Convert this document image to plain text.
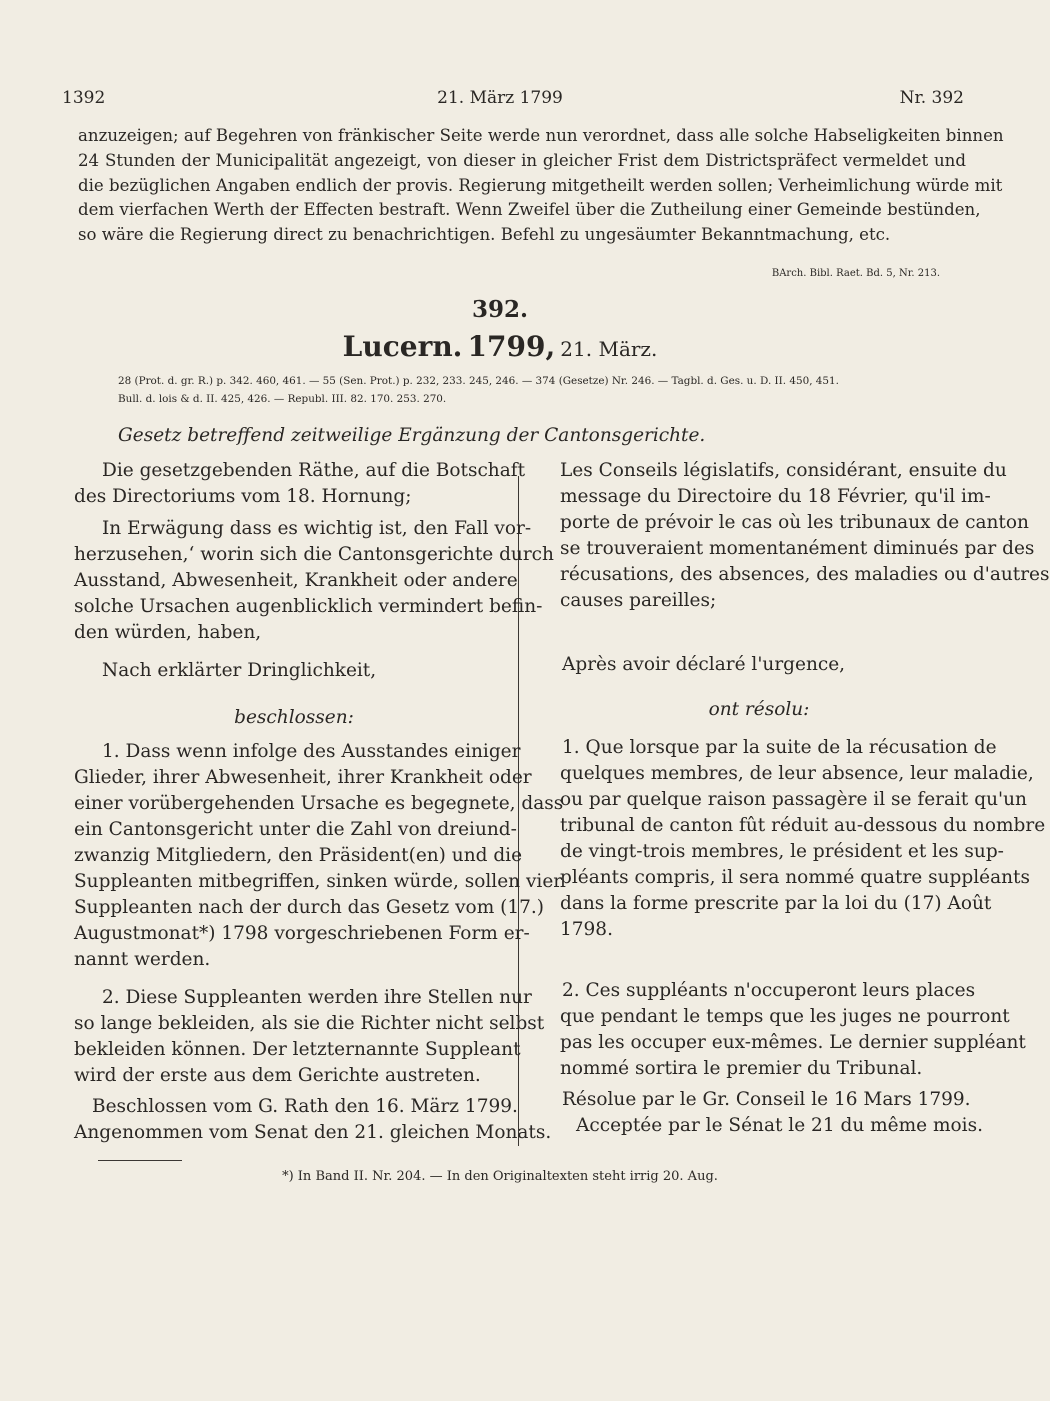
1392	21. März 1799	Nr. 392
anzuzeigen; auf Begehren von fränkischer Seite werde nun verordnet, dass alle solche Habseligkeiten binnen
24 Stunden der Municipalität angezeigt, von dieser in gleicher Frist dem Districtspräfect vermeldet und
die bezüglichen Angaben endlich der provis. Regierung mitgetheilt werden sollen; Verheimlichung würde mit
dem vierfachen Werth der Effecten bestraft. Wenn Zweifel über die Zutheilung einer Gemeinde bestünden,
so wäre die Regierung direct zu benachrichtigen. Befehl zu ungesäumter Bekanntmachung, etc.
BArch. Bibl. Raet. Bd. 5, Nr. 213.
392.
Lucern. 1799, 21. März.
28 (Prot. d. gr. R.) p. 342. 460, 461. — 55 (Sen. Prot.) p. 232, 233. 245, 246. — 374 (Gesetze) Nr. 246. — Tagbl. d. Ges. u. D. II. 450, 451.
Bull. d. lois & d. II. 425, 426. — Republ. III. 82. 170. 253. 270.
Gesetz betreffend zeitweilige Ergänzung der Cantonsgerichte.
Die gesetzgebenden Räthe, auf die Botschaft
des Directoriums vom 18. Hornung;
In Erwägung dass es wichtig ist, den Fall vor-
herzusehen,ʻ worin sich die Cantonsgerichte durch
Ausstand, Abwesenheit, Krankheit oder andere
solche Ursachen augenblicklich vermindert befin-
den würden, haben,
Nach erklärter Dringlichkeit,
beschlossen:
1. Dass wenn infolge des Ausstandes einiger
Glieder, ihrer Abwesenheit, ihrer Krankheit oder
einer vorübergehenden Ursache es begegnete, dass
ein Cantonsgericht unter die Zahl von dreiund-
zwanzig Mitgliedern, den Präsident(en) und die
Suppleanten mitbegriffen, sinken würde, sollen vier
Suppleanten nach der durch das Gesetz vom (17.)
Augustmonat*) 1798 vorgeschriebenen Form er-
nannt werden.
2. Diese Suppleanten werden ihre Stellen nur
so lange bekleiden, als sie die Richter nicht selbst
bekleiden können. Der letzternannte Suppleant
wird der erste aus dem Gerichte austreten.
Beschlossen vom G. Rath den 16. März 1799.
Angenommen vom Senat den 21. gleichen Monats.
Les Conseils législatifs, considérant, ensuite du
message du Directoire du 18 Février, qu'il im-
porte de prévoir le cas où les tribunaux de canton
se trouveraient momentanément diminués par des
récusations, des absences, des maladies ou d'autres
causes pareilles;
Après avoir déclaré l'urgence,
ont résolu:
1. Que lorsque par la suite de la récusation de
quelques membres, de leur absence, leur maladie,
ou par quelque raison passagère il se ferait qu'un
tribunal de canton fût réduit au-dessous du nombre
de vingt-trois membres, le président et les sup-
pléants compris, il sera nommé quatre suppléants
dans la forme prescrite par la loi du (17) Août
1798.
2. Ces suppléants n'occuperont leurs places
que pendant le temps que les juges ne pourront
pas les occuper eux-mêmes. Le dernier suppléant
nommé sortira le premier du Tribunal.
Résolue par le Gr. Conseil le 16 Mars 1799.
Acceptée par le Sénat le 21 du même mois.
*) In Band II. Nr. 204. — In den Originaltexten steht irrig 20. Aug.
